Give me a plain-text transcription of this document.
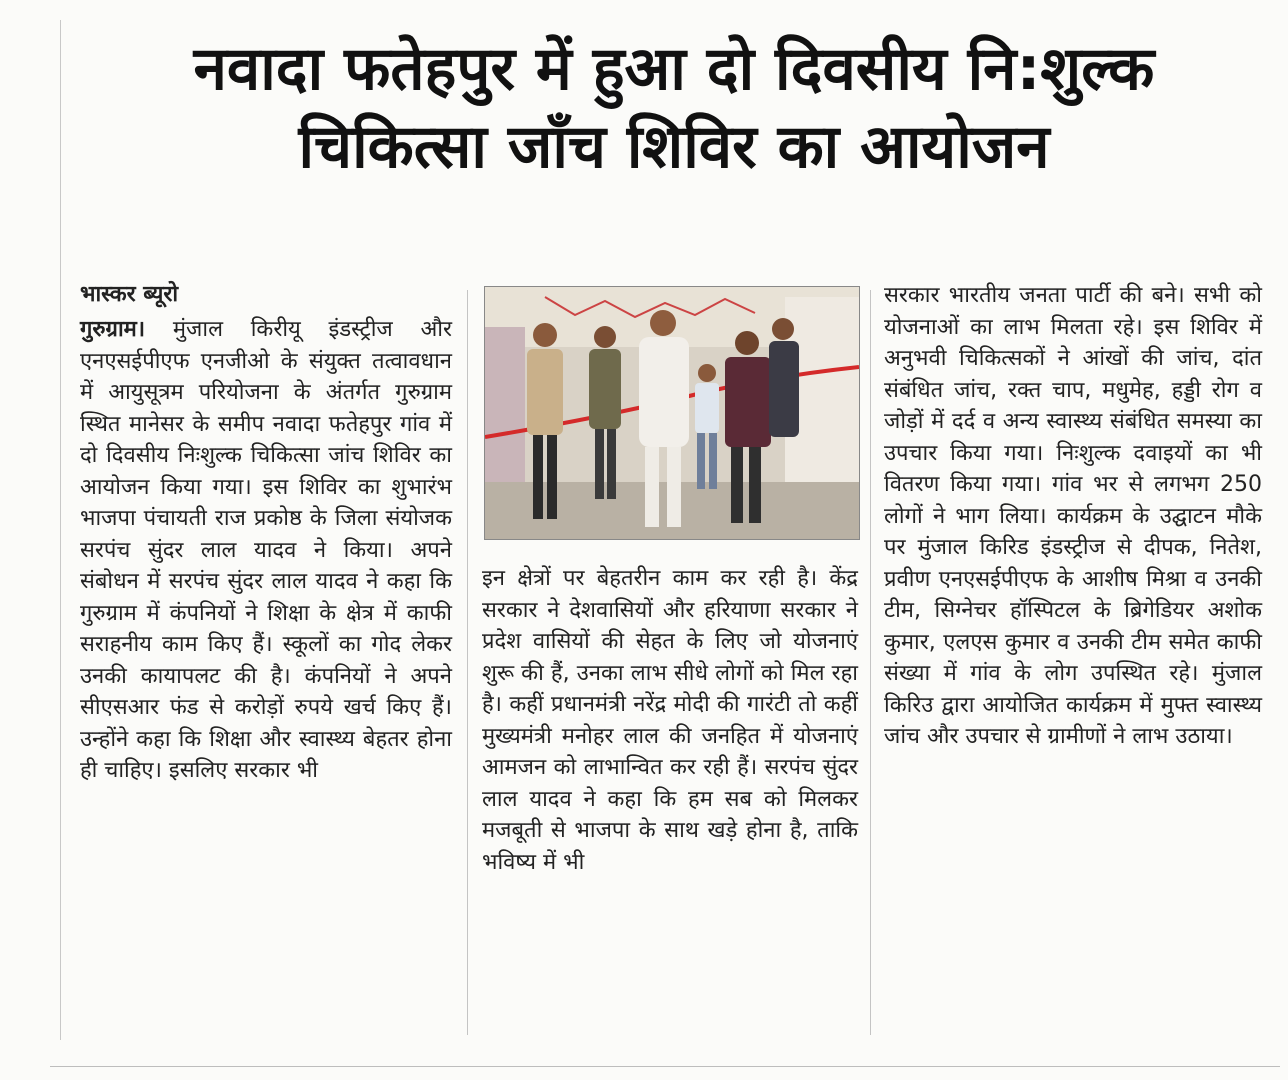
नवादा फतेहपुर में हुआ दो दिवसीय नि:शुल्क
चिकित्सा जाँच शिविर का आयोजन

भास्कर ब्यूरो

गुरुग्राम। मुंजाल किरीयू इंडस्ट्रीज और एनएसईपीएफ एनजीओ के संयुक्त तत्वावधान में आयुसूत्रम परियोजना के अंतर्गत गुरुग्राम स्थित मानेसर के समीप नवादा फतेहपुर गांव में दो दिवसीय निःशुल्क चिकित्सा जांच शिविर का आयोजन किया गया। इस शिविर का शुभारंभ भाजपा पंचायती राज प्रकोष्ठ के जिला संयोजक सरपंच सुंदर लाल यादव ने किया। अपने संबोधन में सरपंच सुंदर लाल यादव ने कहा कि गुरुग्राम में कंपनियों ने शिक्षा के क्षेत्र में काफी सराहनीय काम किए हैं। स्कूलों का गोद लेकर उनकी कायापलट की है। कंपनियों ने अपने सीएसआर फंड से करोड़ों रुपये खर्च किए हैं। उन्होंने कहा कि शिक्षा और स्वास्थ्य बेहतर होना ही चाहिए। इसलिए सरकार भी

इन क्षेत्रों पर बेहतरीन काम कर रही है। केंद्र सरकार ने देशवासियों और हरियाणा सरकार ने प्रदेश वासियों की सेहत के लिए जो योजनाएं शुरू की हैं, उनका लाभ सीधे लोगों को मिल रहा है। कहीं प्रधानमंत्री नरेंद्र मोदी की गारंटी तो कहीं मुख्यमंत्री मनोहर लाल की जनहित में योजनाएं आमजन को लाभान्वित कर रही हैं। सरपंच सुंदर लाल यादव ने कहा कि हम सब को मिलकर मजबूती से भाजपा के साथ खड़े होना है, ताकि भविष्य में भी

सरकार भारतीय जनता पार्टी की बने। सभी को योजनाओं का लाभ मिलता रहे। इस शिविर में अनुभवी चिकित्सकों ने आंखों की जांच, दांत संबंधित जांच, रक्त चाप, मधुमेह, हड्डी रोग व जोड़ों में दर्द व अन्य स्वास्थ्य संबंधित समस्या का उपचार किया गया। निःशुल्क दवाइयों का भी वितरण किया गया। गांव भर से लगभग 250 लोगों ने भाग लिया। कार्यक्रम के उद्घाटन मौके पर मुंजाल किरिड इंडस्ट्रीज से दीपक, नितेश, प्रवीण एनएसईपीएफ के आशीष मिश्रा व उनकी टीम, सिग्नेचर हॉस्पिटल के ब्रिगेडियर अशोक कुमार, एलएस कुमार व उनकी टीम समेत काफी संख्या में गांव के लोग उपस्थित रहे। मुंजाल किरिउ द्वारा आयोजित कार्यक्रम में मुफ्त स्वास्थ्य जांच और उपचार से ग्रामीणों ने लाभ उठाया।
